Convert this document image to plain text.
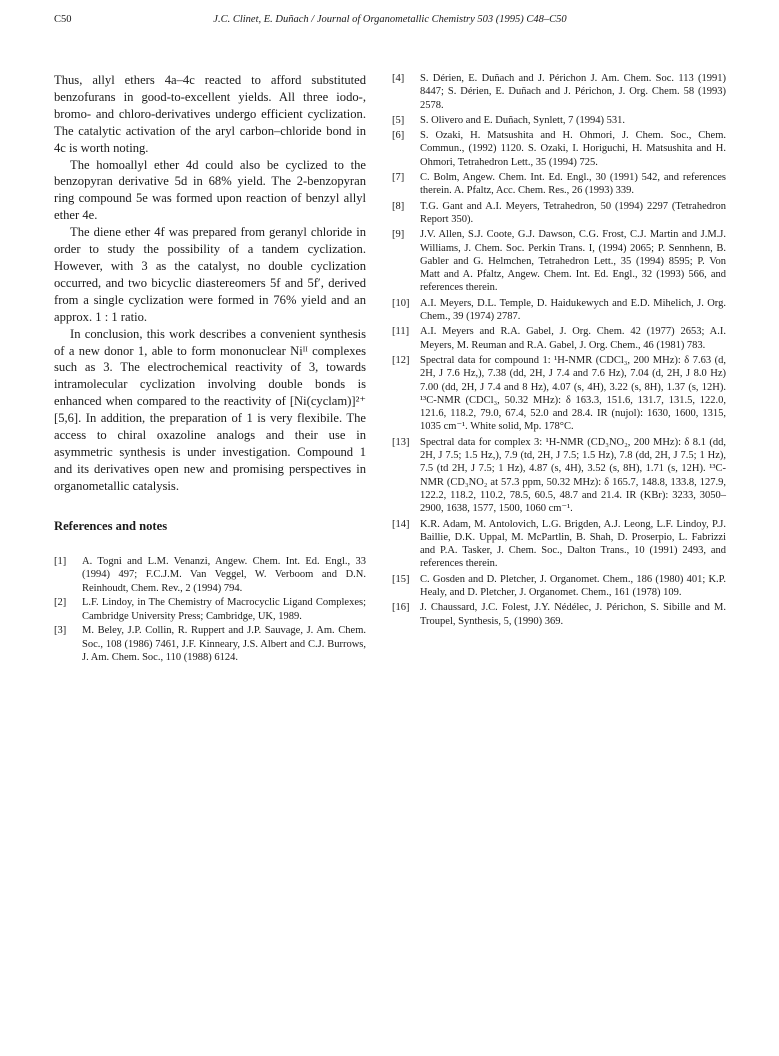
C50	J.C. Clinet, E. Duñach / Journal of Organometallic Chemistry 503 (1995) C48–C50

Thus, allyl ethers 4a–4c reacted to afford substituted benzofurans in good-to-excellent yields. All three iodo-, bromo- and chloro-derivatives undergo efficient cyclization. The catalytic activation of the aryl carbon–chloride bond in 4c is worth noting.

The homoallyl ether 4d could also be cyclized to the benzopyran derivative 5d in 68% yield. The 2-benzopyran ring compound 5e was formed upon reaction of benzyl allyl ether 4e.

The diene ether 4f was prepared from geranyl chloride in order to study the possibility of a tandem cyclization. However, with 3 as the catalyst, no double cyclization occurred, and two bicyclic diastereomers 5f and 5f′, derived from a single cyclization were formed in 76% yield and an approx. 1 : 1 ratio.

In conclusion, this work describes a convenient synthesis of a new donor 1, able to form mononuclear Niᴵᴵ complexes such as 3. The electrochemical reactivity of 3, towards intramolecular cyclization involving double bonds is enhanced when compared to the reactivity of [Ni(cyclam)]²⁺ [5,6]. In addition, the preparation of 1 is very flexibile. The access to chiral oxazoline analogs and their use in asymmetric synthesis is under investigation. Compound 1 and its derivatives open new and promising perspectives in organometallic catalysis.

References and notes
[1] A. Togni and L.M. Venanzi, Angew. Chem. Int. Ed. Engl., 33 (1994) 497; F.C.J.M. Van Veggel, W. Verboom and D.N. Reinhoudt, Chem. Rev., 2 (1994) 794.
[2] L.F. Lindoy, in The Chemistry of Macrocyclic Ligand Complexes; Cambridge University Press; Cambridge, UK, 1989.
[3] M. Beley, J.P. Collin, R. Ruppert and J.P. Sauvage, J. Am. Chem. Soc., 108 (1986) 7461, J.F. Kinneary, J.S. Albert and C.J. Burrows, J. Am. Chem. Soc., 110 (1988) 6124.
[4] S. Dérien, E. Duñach and J. Périchon J. Am. Chem. Soc. 113 (1991) 8447; S. Dérien, E. Duñach and J. Périchon, J. Org. Chem. 58 (1993) 2578.
[5] S. Olivero and E. Duñach, Synlett, 7 (1994) 531.
[6] S. Ozaki, H. Matsushita and H. Ohmori, J. Chem. Soc., Chem. Commun., (1992) 1120. S. Ozaki, I. Horiguchi, H. Matsushita and H. Ohmori, Tetrahedron Lett., 35 (1994) 725.
[7] C. Bolm, Angew. Chem. Int. Ed. Engl., 30 (1991) 542, and references therein. A. Pfaltz, Acc. Chem. Res., 26 (1993) 339.
[8] T.G. Gant and A.I. Meyers, Tetrahedron, 50 (1994) 2297 (Tetrahedron Report 350).
[9] J.V. Allen, S.J. Coote, G.J. Dawson, C.G. Frost, C.J. Martin and J.M.J. Williams, J. Chem. Soc. Perkin Trans. I, (1994) 2065; P. Sennhenn, B. Gabler and G. Helmchen, Tetrahedron Lett., 35 (1994) 8595; P. Von Matt and A. Pfaltz, Angew. Chem. Int. Ed. Engl., 32 (1993) 566, and references therein.
[10] A.I. Meyers, D.L. Temple, D. Haidukewych and E.D. Mihelich, J. Org. Chem., 39 (1974) 2787.
[11] A.I. Meyers and R.A. Gabel, J. Org. Chem. 42 (1977) 2653; A.I. Meyers, M. Reuman and R.A. Gabel, J. Org. Chem., 46 (1981) 783.
[12] Spectral data for compound 1: ¹H-NMR (CDCl₃, 200 MHz): δ 7.63 (d, 2H, J 7.6 Hz,), 7.38 (dd, 2H, J 7.4 and 7.6 Hz), 7.04 (d, 2H, J 8.0 Hz) 7.00 (dd, 2H, J 7.4 and 8 Hz), 4.07 (s, 4H), 3.22 (s, 8H), 1.37 (s, 12H). ¹³C-NMR (CDCl₃, 50.32 MHz): δ 163.3, 151.6, 131.7, 131.5, 122.0, 121.6, 118.2, 79.0, 67.4, 52.0 and 28.4. IR (nujol): 1630, 1600, 1315, 1035 cm⁻¹. White solid, Mp. 178°C.
[13] Spectral data for complex 3: ¹H-NMR (CD₃NO₂, 200 MHz): δ 8.1 (dd, 2H, J 7.5; 1.5 Hz,), 7.9 (td, 2H, J 7.5; 1.5 Hz), 7.8 (dd, 2H, J 7.5; 1 Hz), 7.5 (td 2H, J 7.5; 1 Hz), 4.87 (s, 4H), 3.52 (s, 8H), 1.71 (s, 12H). ¹³C-NMR (CD₃NO₂ at 57.3 ppm, 50.32 MHz): δ 165.7, 148.8, 133.8, 127.9, 122.2, 118.2, 110.2, 78.5, 60.5, 48.7 and 21.4. IR (KBr): 3233, 3050–2900, 1638, 1577, 1500, 1060 cm⁻¹.
[14] K.R. Adam, M. Antolovich, L.G. Brigden, A.J. Leong, L.F. Lindoy, P.J. Baillie, D.K. Uppal, M. McPartlin, B. Shah, D. Proserpio, L. Fabrizzi and P.A. Tasker, J. Chem. Soc., Dalton Trans., 10 (1991) 2493, and references therein.
[15] C. Gosden and D. Pletcher, J. Organomet. Chem., 186 (1980) 401; K.P. Healy, and D. Pletcher, J. Organomet. Chem., 161 (1978) 109.
[16] J. Chaussard, J.C. Folest, J.Y. Nédélec, J. Périchon, S. Sibille and M. Troupel, Synthesis, 5, (1990) 369.
